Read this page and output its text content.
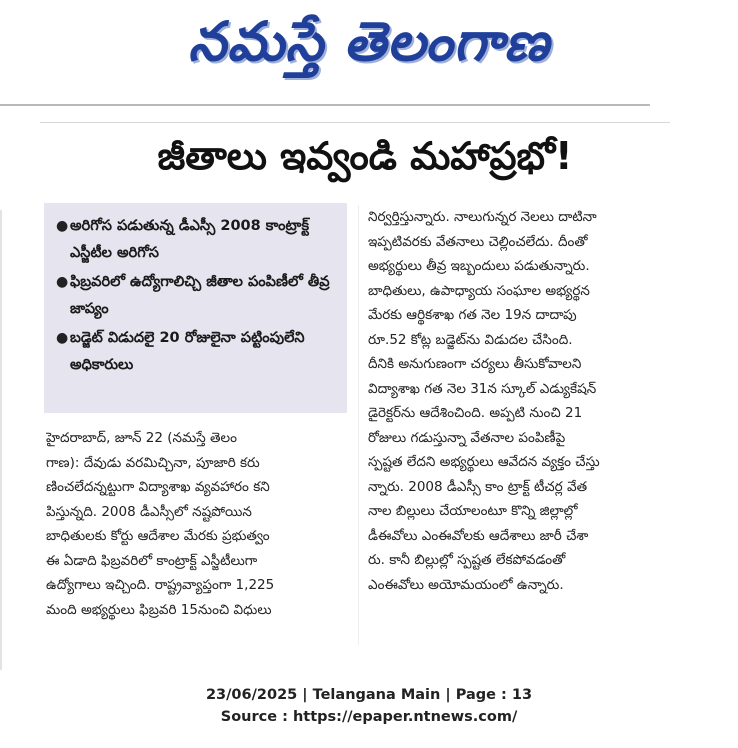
నమస్తే తెలంగాణ
జీతాలు ఇవ్వండి మహాప్రభో!
● అరిగోస పడుతున్న డీఎస్సీ 2008 కాంట్రాక్ట్ ఎస్జీటీల అరిగోస
● ఫిబ్రవరిలో ఉద్యోగాలిచ్చి జీతాల పంపిణీలో తీవ్ర జాప్యం
● బడ్జెట్ విడుదలై 20 రోజులైనా పట్టింపులేని అధికారులు
హైదరాబాద్, జూన్ 22 (నమస్తే తెలం
గాణ): దేవుడు వరమిచ్చినా, పూజారి కరు
ణించలేదన్నట్టుగా విద్యాశాఖ వ్యవహారం కని
పిస్తున్నది. 2008 డీఎస్సీలో నష్టపోయిన
బాధితులకు కోర్టు ఆదేశాల మేరకు ప్రభుత్వం
ఈ ఏడాది ఫిబ్రవరిలో కాంట్రాక్ట్ ఎస్జీటీలుగా
ఉద్యోగాలు ఇచ్చింది. రాష్ట్రవ్యాప్తంగా 1,225
మంది అభ్యర్థులు ఫిబ్రవరి 15నుంచి విధులు
నిర్వర్తిస్తున్నారు. నాలుగున్నర నెలలు దాటినా
ఇప్పటివరకు వేతనాలు చెల్లించలేదు. దీంతో
అభ్యర్థులు తీవ్ర ఇబ్బందులు పడుతున్నారు.
బాధితులు, ఉపాధ్యాయ సంఘాల అభ్యర్థన
మేరకు ఆర్థికశాఖ గత నెల 19న దాదాపు
రూ.52 కోట్ల బడ్జెట్‌ను విడుదల చేసింది.
దీనికి అనుగుణంగా చర్యలు తీసుకోవాలని
విద్యాశాఖ గత నెల 31న స్కూల్ ఎడ్యుకేషన్
డైరెక్టర్‌ను ఆదేశించింది. అప్పటి నుంచి 21
రోజులు గడుస్తున్నా వేతనాల పంపిణీపై
స్పష్టత లేదని అభ్యర్థులు ఆవేదన వ్యక్తం చేస్తు
న్నారు. 2008 డీఎస్సీ కాం ట్రాక్ట్ టీచర్ల వేత
నాల బిల్లులు చేయాలంటూ కొన్ని జిల్లాల్లో
డీఈవోలు ఎంఈవోలకు ఆదేశాలు జారీ చేశా
రు. కానీ బిల్లుల్లో స్పష్టత లేకపోవడంతో
ఎంఈవోలు అయోమయంలో ఉన్నారు.
23/06/2025 | Telangana Main | Page : 13
Source : https://epaper.ntnews.com/
